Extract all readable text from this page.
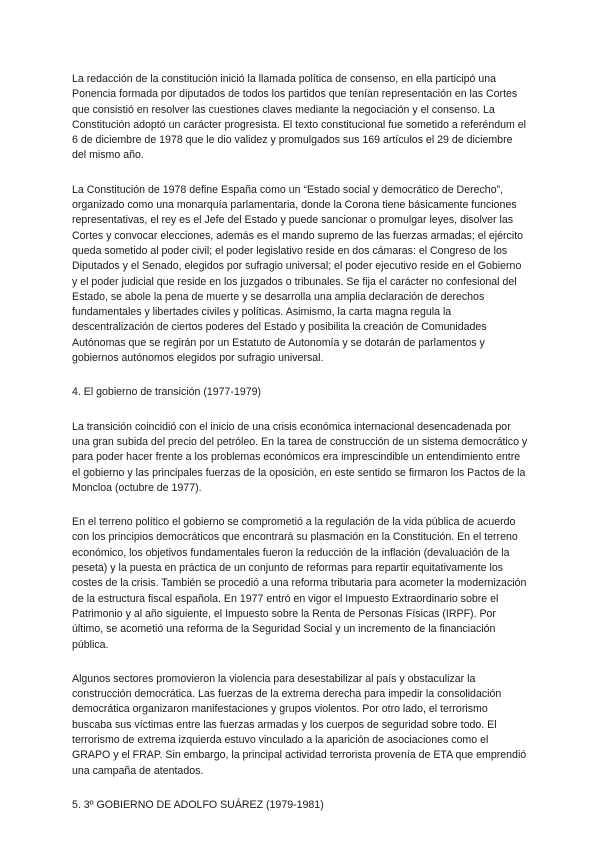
La redacción de la constitución inició la llamada política de consenso, en ella participó una Ponencia formada por diputados de todos los partidos que tenían representación en las Cortes que consistió en resolver las cuestiones claves mediante la negociación y el consenso. La Constitución adoptó un carácter progresista. El texto constitucional fue sometido a referéndum el 6 de diciembre de 1978 que le dio validez y promulgados sus 169 artículos el 29 de diciembre del mismo año.

La Constitución de 1978 define España como un “Estado social y democrático de Derecho”, organizado como una monarquía parlamentaria, donde la Corona tiene básicamente funciones representativas, el rey es el Jefe del Estado y puede sancionar o promulgar leyes, disolver las Cortes y convocar elecciones, además es el mando supremo de las fuerzas armadas; el ejército queda sometido al poder civil; el poder legislativo reside en dos cámaras: el Congreso de los Diputados y el Senado, elegidos por sufragio universal; el poder ejecutivo reside en el Gobierno y el poder judicial que reside en los juzgados o tribunales. Se fija el carácter no confesional del Estado, se abole la pena de muerte y se desarrolla una amplia declaración de derechos fundamentales y libertades civiles y políticas. Asimismo, la carta magna regula la descentralización de ciertos poderes del Estado y posibilita la creación de Comunidades Autónomas que se regirán por un Estatuto de Autonomía y se dotarán de parlamentos y gobiernos autónomos elegidos por sufragio universal.

4. El gobierno de transición (1977-1979)

La transición coincidió con el inicio de una crisis económica internacional desencadenada por una gran subida del precio del petróleo. En la tarea de construcción de un sistema democrático y para poder hacer frente a los problemas económicos era imprescindible un entendimiento entre el gobierno y las principales fuerzas de la oposición, en este sentido se firmaron los Pactos de la Moncloa (octubre de 1977).

En el terreno político el gobierno se comprometió a la regulación de la vida pública de acuerdo con los principios democráticos que encontrará su plasmación en la Constitución. En el terreno económico, los objetivos fundamentales fueron la reducción de la inflación (devaluación de la peseta) y la puesta en práctica de un conjunto de reformas para repartir equitativamente los costes de la crisis. También se procedió a una reforma tributaria para acometer la modernización de la estructura fiscal española. En 1977 entró en vigor el Impuesto Extraordinario sobre el Patrimonio y al año siguiente, el Impuesto sobre la Renta de Personas Físicas (IRPF). Por último, se acometió una reforma de la Seguridad Social y un incremento de la financiación pública.

Algunos sectores promovieron la violencia para desestabilizar al país y obstaculizar la construcción democrática. Las fuerzas de la extrema derecha para impedir la consolidación democrática organizaron manifestaciones y grupos violentos. Por otro lado, el terrorismo buscaba sus víctimas entre las fuerzas armadas y los cuerpos de seguridad sobre todo. El terrorismo de extrema izquierda estuvo vinculado a la aparición de asociaciones como el GRAPO y el FRAP. Sin embargo, la principal actividad terrorista provenía de ETA que emprendió una campaña de atentados.

5. 3º GOBIERNO DE ADOLFO SUÁREZ (1979-1981)
